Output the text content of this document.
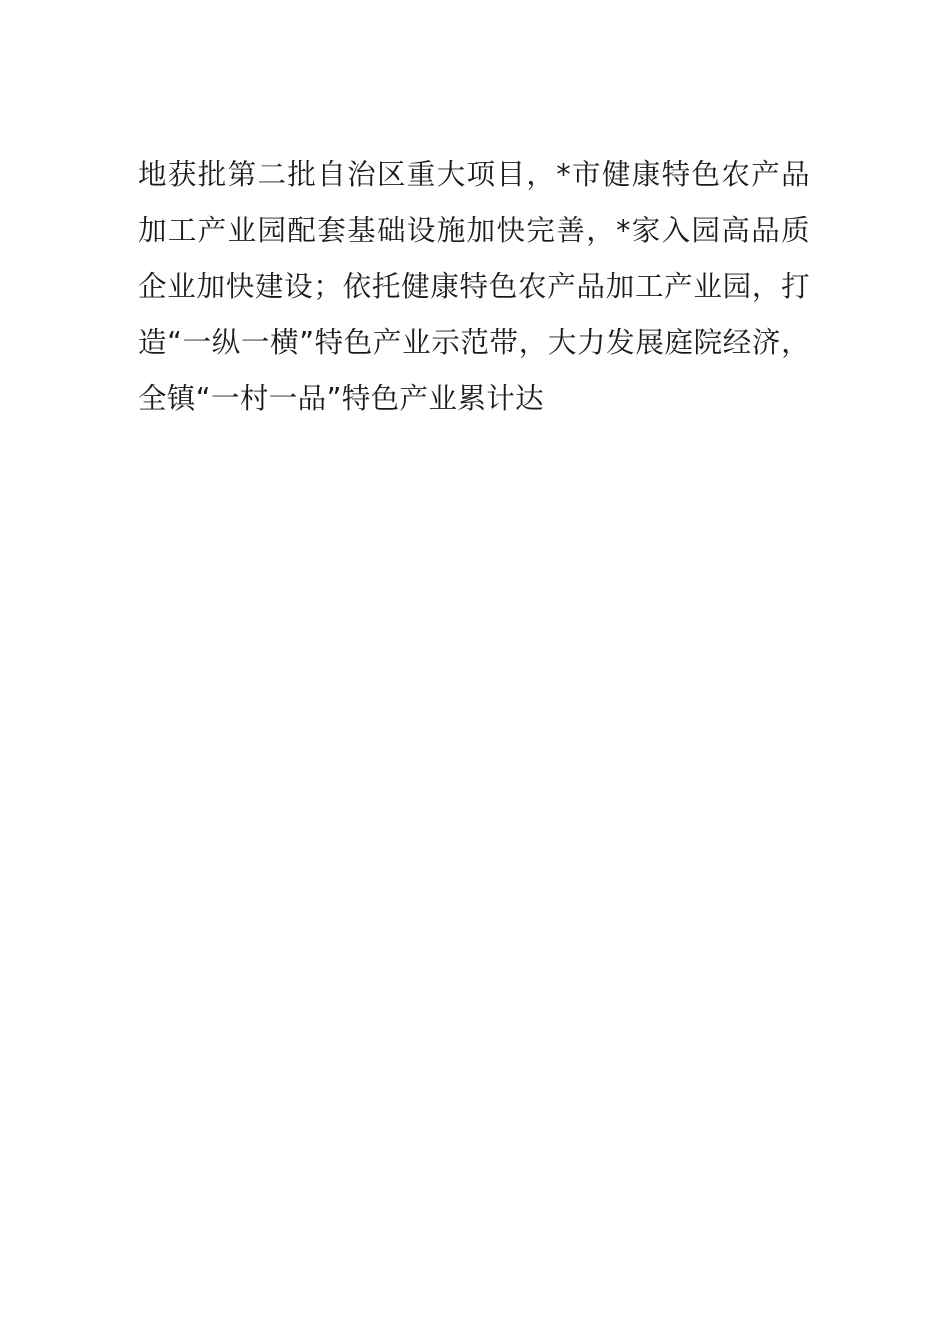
地获批第二批自治区重大项目，*市健康特色农产品加工产业园配套基础设施加快完善，*家入园高品质企业加快建设；依托健康特色农产品加工产业园，打造“一纵一横”特色产业示范带，大力发展庭院经济，全镇“一村一品”特色产业累计达
